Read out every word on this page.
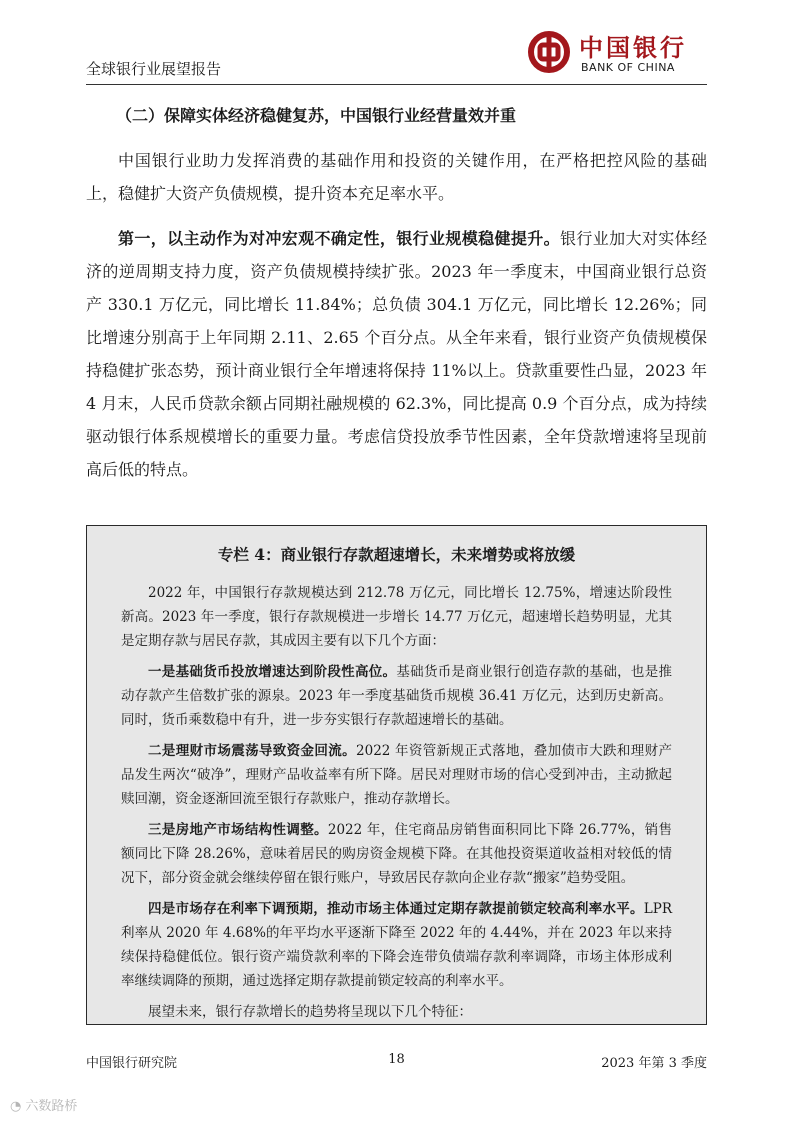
全球银行业展望报告
中国银行
BANK OF CHINA
（二）保障实体经济稳健复苏，中国银行业经营量效并重

中国银行业助力发挥消费的基础作用和投资的关键作用，在严格把控风险的基础上，稳健扩大资产负债规模，提升资本充足率水平。

第一，以主动作为对冲宏观不确定性，银行业规模稳健提升。银行业加大对实体经济的逆周期支持力度，资产负债规模持续扩张。2023 年一季度末，中国商业银行总资产 330.1 万亿元，同比增长 11.84%；总负债 304.1 万亿元，同比增长 12.26%；同比增速分别高于上年同期 2.11、2.65 个百分点。从全年来看，银行业资产负债规模保持稳健扩张态势，预计商业银行全年增速将保持 11%以上。贷款重要性凸显，2023 年 4 月末，人民币贷款余额占同期社融规模的 62.3%，同比提高 0.9 个百分点，成为持续驱动银行体系规模增长的重要力量。考虑信贷投放季节性因素，全年贷款增速将呈现前高后低的特点。

专栏 4：商业银行存款超速增长，未来增势或将放缓

2022 年，中国银行存款规模达到 212.78 万亿元，同比增长 12.75%，增速达阶段性新高。2023 年一季度，银行存款规模进一步增长 14.77 万亿元，超速增长趋势明显，尤其是定期存款与居民存款，其成因主要有以下几个方面：

一是基础货币投放增速达到阶段性高位。基础货币是商业银行创造存款的基础，也是推动存款产生倍数扩张的源泉。2023 年一季度基础货币规模 36.41 万亿元，达到历史新高。同时，货币乘数稳中有升，进一步夯实银行存款超速增长的基础。

二是理财市场震荡导致资金回流。2022 年资管新规正式落地，叠加债市大跌和理财产品发生两次“破净”，理财产品收益率有所下降。居民对理财市场的信心受到冲击，主动掀起赎回潮，资金逐渐回流至银行存款账户，推动存款增长。

三是房地产市场结构性调整。2022 年，住宅商品房销售面积同比下降 26.77%，销售额同比下降 28.26%，意味着居民的购房资金规模下降。在其他投资渠道收益相对较低的情况下，部分资金就会继续停留在银行账户，导致居民存款向企业存款“搬家”趋势受阻。

四是市场存在利率下调预期，推动市场主体通过定期存款提前锁定较高利率水平。LPR 利率从 2020 年 4.68%的年平均水平逐渐下降至 2022 年的 4.44%，并在 2023 年以来持续保持稳健低位。银行资产端贷款利率的下降会连带负债端存款利率调降，市场主体形成利率继续调降的预期，通过选择定期存款提前锁定较高的利率水平。

展望未来，银行存款增长的趋势将呈现以下几个特征：

中国银行研究院	18	2023 年第 3 季度
◔ 六数路桥
